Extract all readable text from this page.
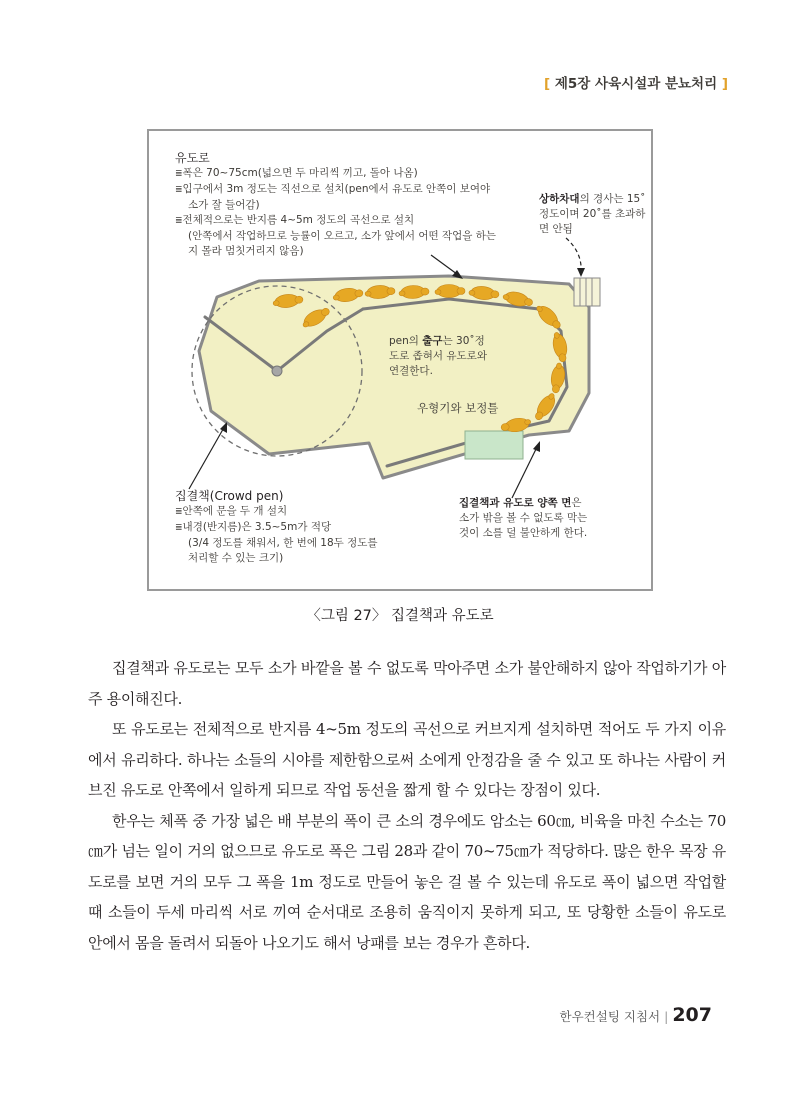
[ 제5장 사육시설과 분뇨처리 ]
유도로
≣ 폭은 70~75cm(넓으면 두 마리씩 끼고, 돌아 나옴)
≣ 입구에서 3m 정도는 직선으로 설치(pen에서 유도로 안쪽이 보여야
소가 잘 들어감)
≣ 전체적으로는 반지름 4~5m 정도의 곡선으로 설치
(안쪽에서 작업하므로 능률이 오르고, 소가 앞에서 어떤 작업을 하는
지 몰라 멈칫거리지 않음)
상하차대의 경사는 15˚
정도이며 20˚를 초과하
면 안됨
pen의 출구는 30˚정
도로 좁혀서 유도로와
연결한다.
우형기와 보정틀
집결책(Crowd pen)
≣ 안쪽에 문을 두 개 설치
≣ 내경(반지름)은 3.5~5m가 적당
(3/4 정도를 채워서, 한 번에 18두 정도를
처리할 수 있는 크기)
집결책과 유도로 양쪽 면은
소가 밖을 볼 수 없도록 막는
것이 소를 덜 불안하게 한다.
〈그림 27〉 집결책과 유도로

집결책과 유도로는 모두 소가 바깥을 볼 수 없도록 막아주면 소가 불안해하지 않아 작업하기가 아주 용이해진다.

또 유도로는 전체적으로 반지름 4~5m 정도의 곡선으로 커브지게 설치하면 적어도 두 가지 이유에서 유리하다. 하나는 소들의 시야를 제한함으로써 소에게 안정감을 줄 수 있고 또 하나는 사람이 커브진 유도로 안쪽에서 일하게 되므로 작업 동선을 짧게 할 수 있다는 장점이 있다.

한우는 체폭 중 가장 넓은 배 부분의 폭이 큰 소의 경우에도 암소는 60㎝, 비육을 마친 수소는 70㎝가 넘는 일이 거의 없으므로 유도로 폭은 그림 28과 같이 70~75㎝가 적당하다. 많은 한우 목장 유도로를 보면 거의 모두 그 폭을 1m 정도로 만들어 놓은 걸 볼 수 있는데 유도로 폭이 넓으면 작업할 때 소들이 두세 마리씩 서로 끼여 순서대로 조용히 움직이지 못하게 되고, 또 당황한 소들이 유도로 안에서 몸을 돌려서 되돌아 나오기도 해서 낭패를 보는 경우가 흔하다.

한우컨설팅 지침서 | 207
